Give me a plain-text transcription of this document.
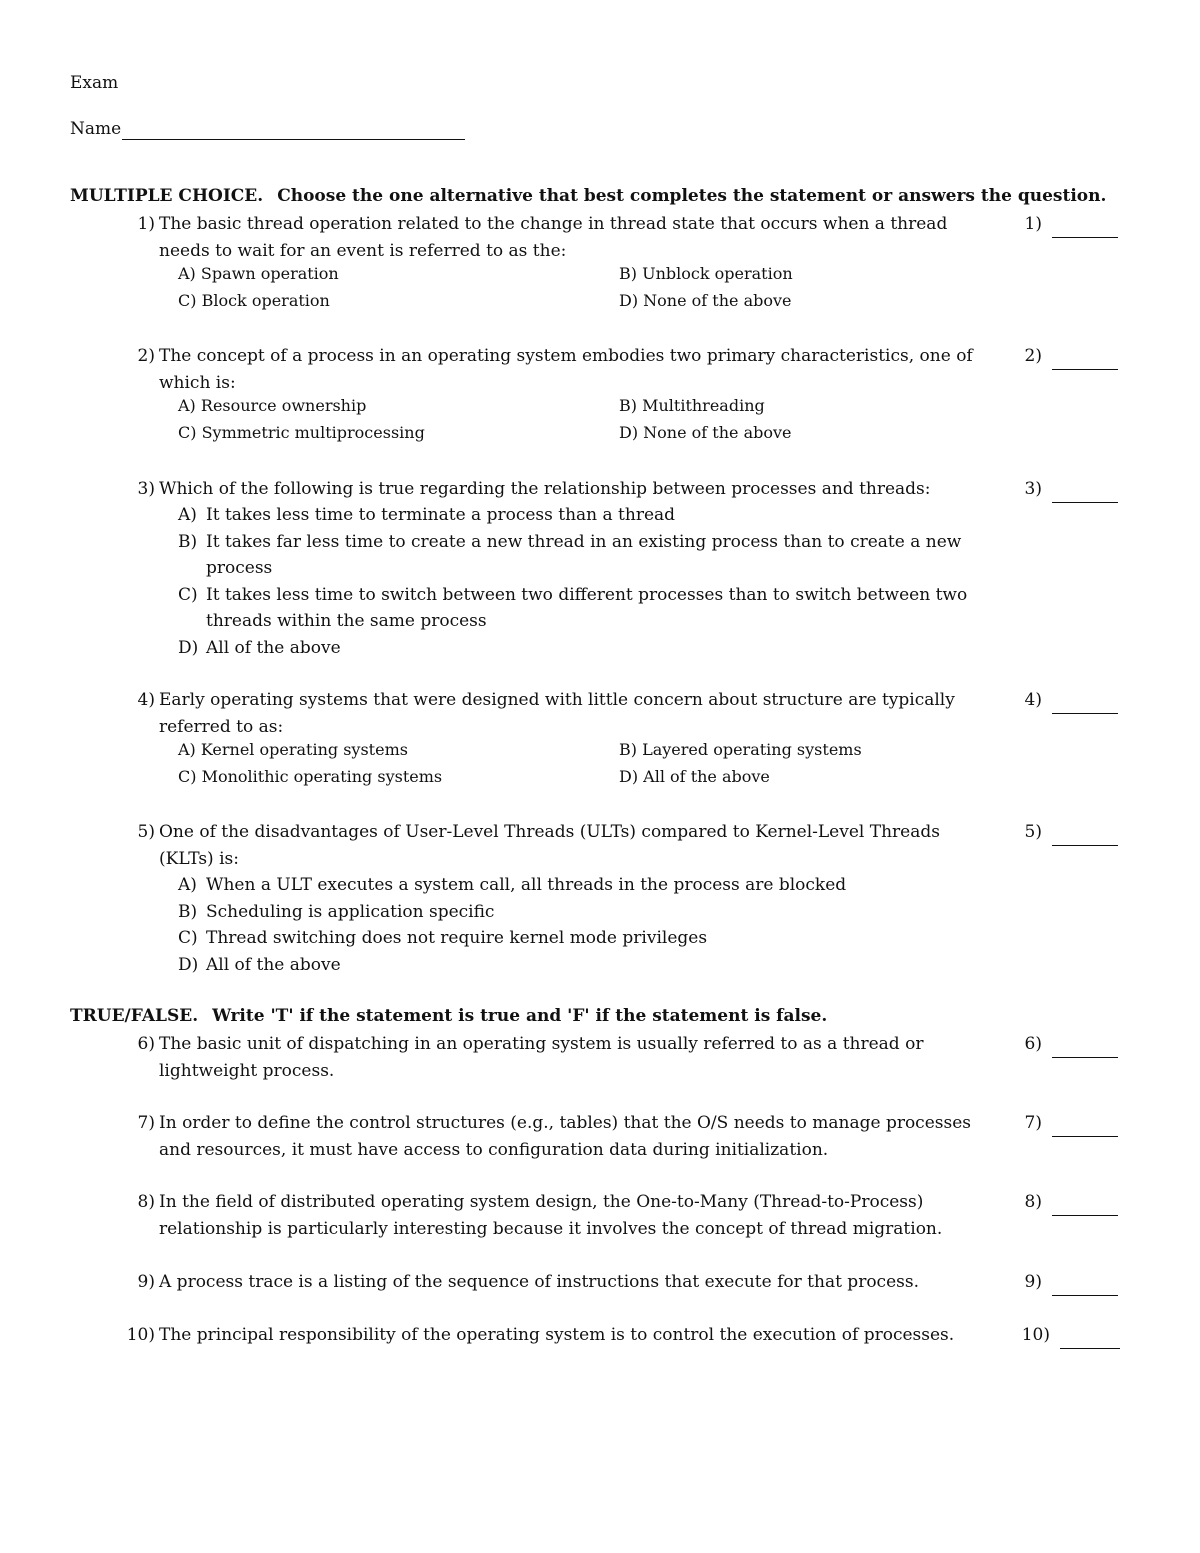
Exam
Name
MULTIPLE CHOICE. Choose the one alternative that best completes the statement or answers the question.
1) The basic thread operation related to the change in thread state that occurs when a thread needs to wait for an event is referred to as the:
1)
A) Spawn operation	B) Unblock operation
C) Block operation	D) None of the above
2) The concept of a process in an operating system embodies two primary characteristics, one of which is:
2)
A) Resource ownership	B) Multithreading
C) Symmetric multiprocessing	D) None of the above
3) Which of the following is true regarding the relationship between processes and threads:	3)
A) It takes less time to terminate a process than a thread
B) It takes far less time to create a new thread in an existing process than to create a new process
C) It takes less time to switch between two different processes than to switch between two threads within the same process
D) All of the above
4) Early operating systems that were designed with little concern about structure are typically referred to as:
4)
A) Kernel operating systems	B) Layered operating systems
C) Monolithic operating systems	D) All of the above
5) One of the disadvantages of User-Level Threads (ULTs) compared to Kernel-Level Threads (KLTs) is:
5)
A) When a ULT executes a system call, all threads in the process are blocked
B) Scheduling is application specific
C) Thread switching does not require kernel mode privileges
D) All of the above
TRUE/FALSE. Write 'T' if the statement is true and 'F' if the statement is false.
6) The basic unit of dispatching in an operating system is usually referred to as a thread or lightweight process.
6)
7) In order to define the control structures (e.g., tables) that the O/S needs to manage processes and resources, it must have access to configuration data during initialization.
7)
8) In the field of distributed operating system design, the One-to-Many (Thread-to-Process) relationship is particularly interesting because it involves the concept of thread migration.
8)
9) A process trace is a listing of the sequence of instructions that execute for that process.	9)
10) The principal responsibility of the operating system is to control the execution of processes.	10)
